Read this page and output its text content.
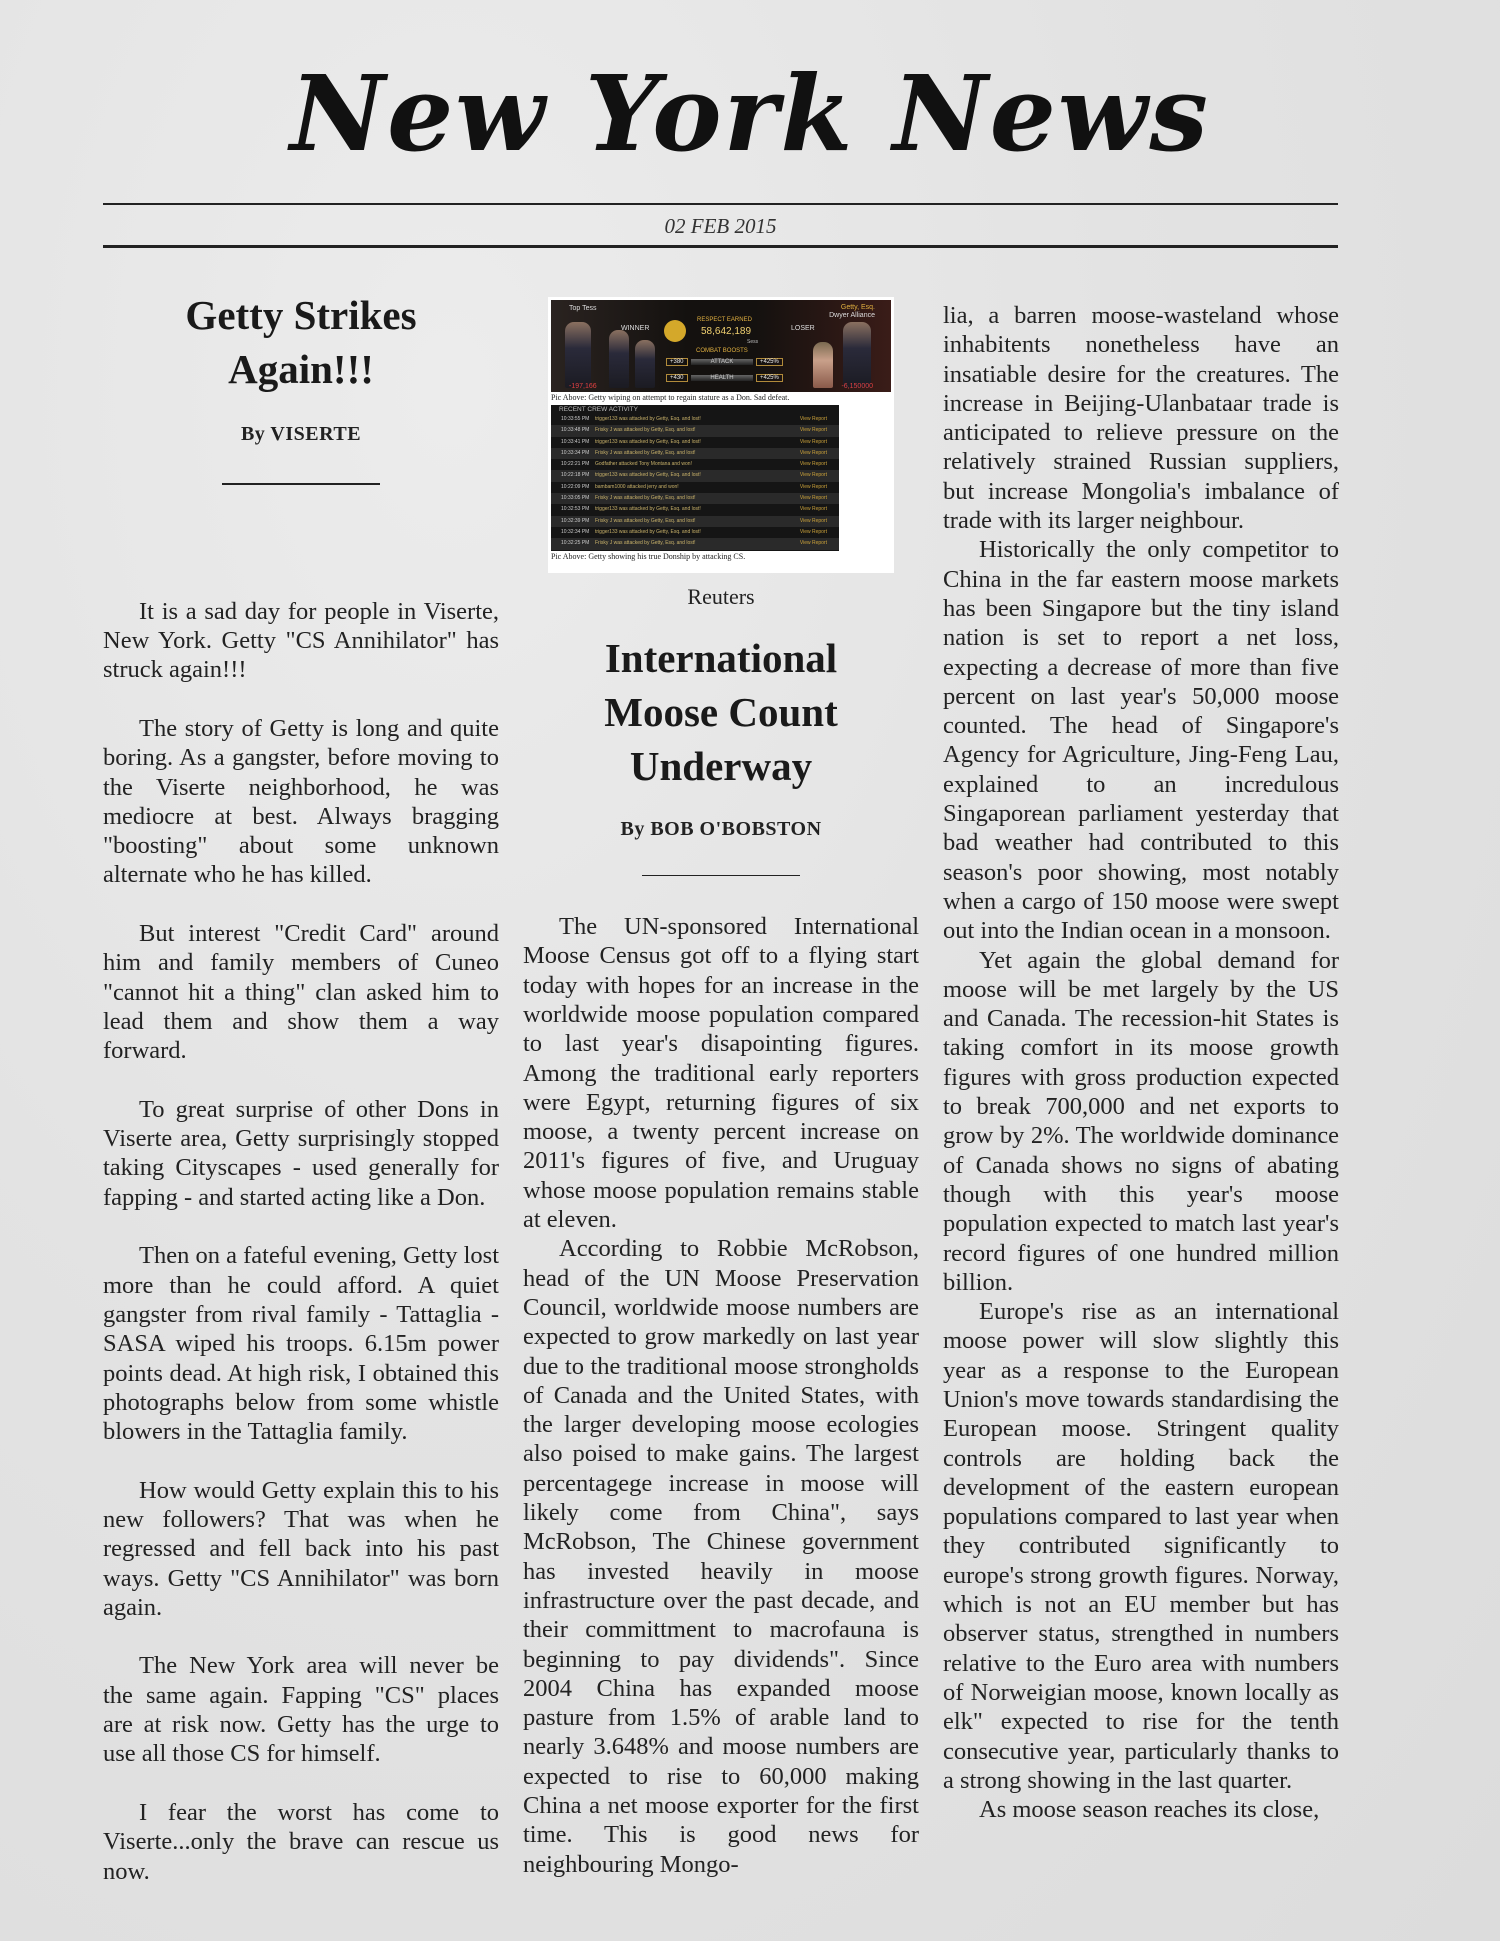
New York News
02 FEB 2015
Getty Strikes Again!!!
By VISERTE

It is a sad day for people in Viserte, New York. Getty "CS Annihilator" has struck again!!!

The story of Getty is long and quite boring. As a gangster, before moving to the Viserte neighborhood, he was mediocre at best. Always bragging "boosting" about some unknown alternate who he has killed.

But interest "Credit Card" around him and family members of Cuneo "cannot hit a thing" clan asked him to lead them and show them a way forward.

To great surprise of other Dons in Viserte area, Getty surprisingly stopped taking Cityscapes - used generally for fapping - and started acting like a Don.

Then on a fateful evening, Getty lost more than he could afford. A quiet gangster from rival family - Tattaglia - SASA wiped his troops. 6.15m power points dead. At high risk, I obtained this photographs below from some whistle blowers in the Tattaglia family.

How would Getty explain this to his new followers? That was when he regressed and fell back into his past ways. Getty "CS Annihilator" was born again.

The New York area will never be the same again. Fapping "CS" places are at risk now. Getty has the urge to use all those CS for himself.

I fear the worst has come to Viserte...only the brave can rescue us now.

Top Tess
WINNER	LOSER
Getty, Esq.
Dwyer Alliance
RESPECT EARNED
58,642,189
Sess
COMBAT BOOSTS
+380	ATTACK	+425%
+430	HEALTH	+425%
-197,166	-6,150000
Pic Above: Getty wiping on attempt to regain stature as a Don. Sad defeat.
RECENT CREW ACTIVITY
10:33:55 PM	trigger133 was attacked by Getty, Esq. and lost!	View Report
10:33:48 PM	Frisky J was attacked by Getty, Esq. and lost!	View Report
10:33:41 PM	trigger133 was attacked by Getty, Esq. and lost!	View Report
10:33:34 PM	Frisky J was attacked by Getty, Esq. and lost!	View Report
10:22:21 PM	Godfather attacked Tony Montana and won!	View Report
10:22:18 PM	trigger133 was attacked by Getty, Esq. and lost!	View Report
10:22:09 PM	bambam1000 attacked jerry and won!	View Report
10:33:05 PM	Frisky J was attacked by Getty, Esq. and lost!	View Report
10:32:53 PM	trigger133 was attacked by Getty, Esq. and lost!	View Report
10:32:39 PM	Frisky J was attacked by Getty, Esq. and lost!	View Report
10:32:34 PM	trigger133 was attacked by Getty, Esq. and lost!	View Report
10:32:25 PM	Frisky J was attacked by Getty, Esq. and lost!	View Report
Pic Above: Getty showing his true Donship by attacking CS.
Reuters
International Moose Count Underway
By BOB O'BOBSTON

The UN-sponsored International Moose Census got off to a flying start today with hopes for an increase in the worldwide moose population compared to last year's disapointing figures. Among the traditional early reporters were Egypt, returning figures of six moose, a twenty percent increase on 2011's figures of five, and Uruguay whose moose population remains stable at eleven.

According to Robbie McRobson, head of the UN Moose Preservation Council, worldwide moose numbers are expected to grow markedly on last year due to the traditional moose strongholds of Canada and the United States, with the larger developing moose ecologies also poised to make gains. The largest percentagege increase in moose will likely come from China", says McRobson, The Chinese government has invested heavily in moose infrastructure over the past decade, and their committment to macrofauna is beginning to pay dividends". Since 2004 China has expanded moose pasture from 1.5% of arable land to nearly 3.648% and moose numbers are expected to rise to 60,000 making China a net moose exporter for the first time. This is good news for neighbouring Mongo-

lia, a barren moose-wasteland whose inhabitents nonetheless have an insatiable desire for the creatures. The increase in Beijing-Ulanbataar trade is anticipated to relieve pressure on the relatively strained Russian suppliers, but increase Mongolia's imbalance of trade with its larger neighbour.

Historically the only competitor to China in the far eastern moose markets has been Singapore but the tiny island nation is set to report a net loss, expecting a decrease of more than five percent on last year's 50,000 moose counted. The head of Singapore's Agency for Agriculture, Jing-Feng Lau, explained to an incredulous Singaporean parliament yesterday that bad weather had contributed to this season's poor showing, most notably when a cargo of 150 moose were swept out into the Indian ocean in a monsoon.

Yet again the global demand for moose will be met largely by the US and Canada. The recession-hit States is taking comfort in its moose growth figures with gross production expected to break 700,000 and net exports to grow by 2%. The worldwide dominance of Canada shows no signs of abating though with this year's moose population expected to match last year's record figures of one hundred million billion.

Europe's rise as an international moose power will slow slightly this year as a response to the European Union's move towards standardising the European moose. Stringent quality controls are holding back the development of the eastern european populations compared to last year when they contributed significantly to europe's strong growth figures. Norway, which is not an EU member but has observer status, strengthed in numbers relative to the Euro area with numbers of Norweigian moose, known locally as elk" expected to rise for the tenth consecutive year, particularly thanks to a strong showing in the last quarter.

As moose season reaches its close,
